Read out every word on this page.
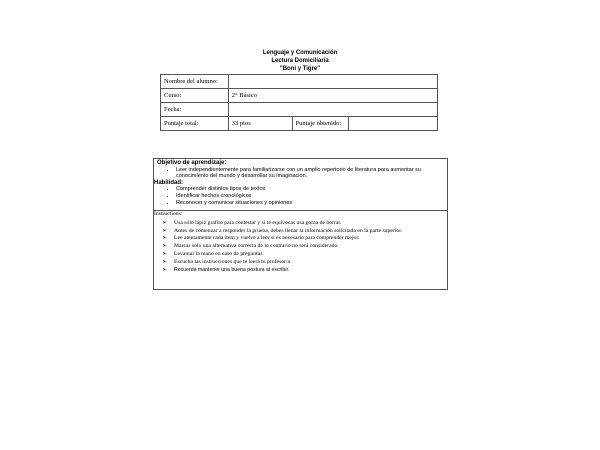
Lenguaje y Comunicación
Lectura Domiciliaria
"Boni y Tigre"
Nombre del alumno:			
Curso:	2° Básico		
Fecha:			
Puntaje total:	33 ptos	Puntaje obtenido:	
Objetivo de aprendizaje:
• Leer independientemente para familiarizarse con un amplio repertorio de literatura para aumentar su conocimiento del mundo y desarrollar su imaginación.
Habilidad:
• Comprender distintos tipos de textos
• Identificar hechos cronológicos
• Reconocer y comunicar situaciones y opiniones
Instructions:
➢	Usa sólo lápiz grafito para contestar y si te equivocas usa goma de borrar.
➢	Antes de comenzar a responder la prueba, debes llenar la información solicitada en la parte superior.
➢	Lee atentamente cada ítem y vuelve a leer si es necesario para comprender mejor.
➢	Marcar solo una alternativa correcta de lo contrario no será considerado.
➢	Levantar la mano en caso de preguntas.
➢	Escucha las instrucciones que te leerá tu profesor/a.
➢	Recuerda mantener una buena postura al escribir.
